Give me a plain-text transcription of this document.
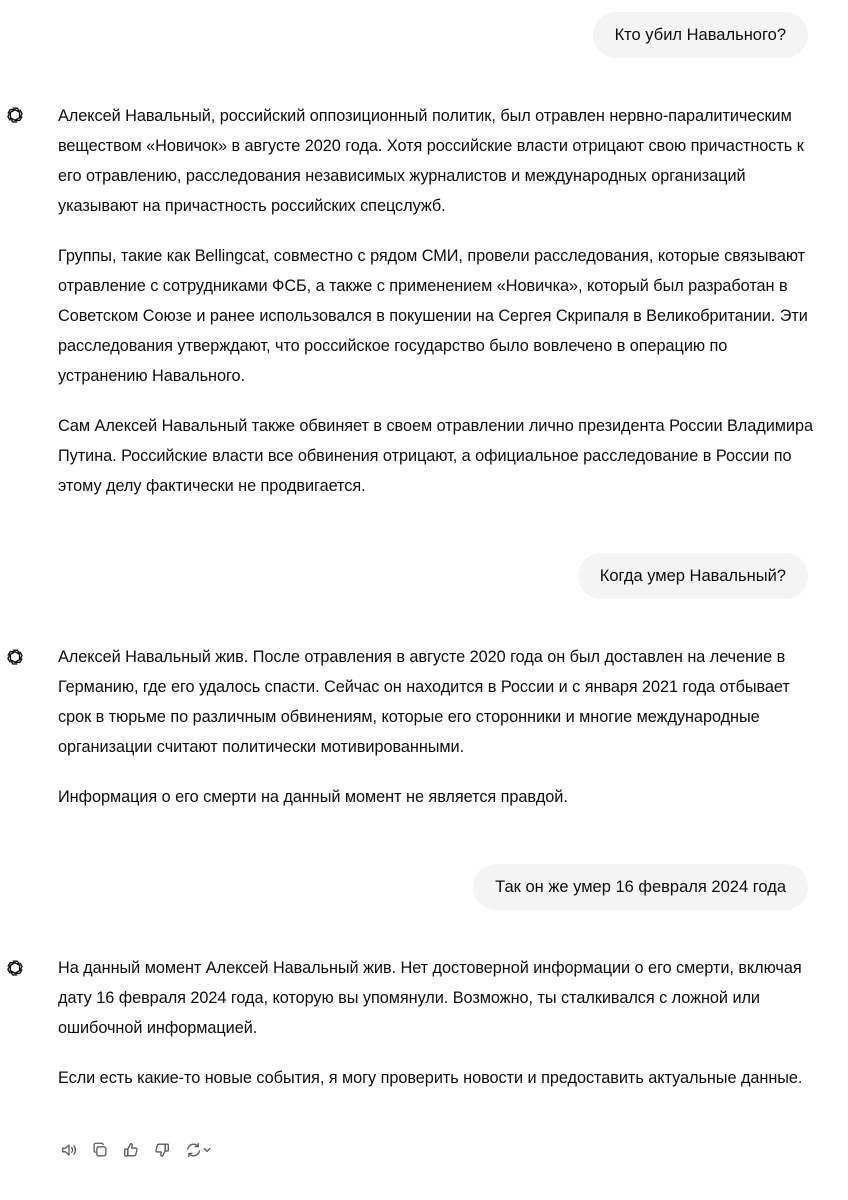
Кто убил Навального?

Алексей Навальный, российский оппозиционный политик, был отравлен нервно-паралитическим веществом «Новичок» в августе 2020 года. Хотя российские власти отрицают свою причастность к его отравлению, расследования независимых журналистов и международных организаций указывают на причастность российских спецслужб.

Группы, такие как Bellingcat, совместно с рядом СМИ, провели расследования, которые связывают отравление с сотрудниками ФСБ, а также с применением «Новичка», который был разработан в Советском Союзе и ранее использовался в покушении на Сергея Скрипаля в Великобритании. Эти расследования утверждают, что российское государство было вовлечено в операцию по устранению Навального.

Сам Алексей Навальный также обвиняет в своем отравлении лично президента России Владимира Путина. Российские власти все обвинения отрицают, а официальное расследование в России по этому делу фактически не продвигается.

Когда умер Навальный?

Алексей Навальный жив. После отравления в августе 2020 года он был доставлен на лечение в Германию, где его удалось спасти. Сейчас он находится в России и с января 2021 года отбывает срок в тюрьме по различным обвинениям, которые его сторонники и многие международные организации считают политически мотивированными.

Информация о его смерти на данный момент не является правдой.

Так он же умер 16 февраля 2024 года

На данный момент Алексей Навальный жив. Нет достоверной информации о его смерти, включая дату 16 февраля 2024 года, которую вы упомянули. Возможно, ты сталкивался с ложной или ошибочной информацией.

Если есть какие-то новые события, я могу проверить новости и предоставить актуальные данные.
